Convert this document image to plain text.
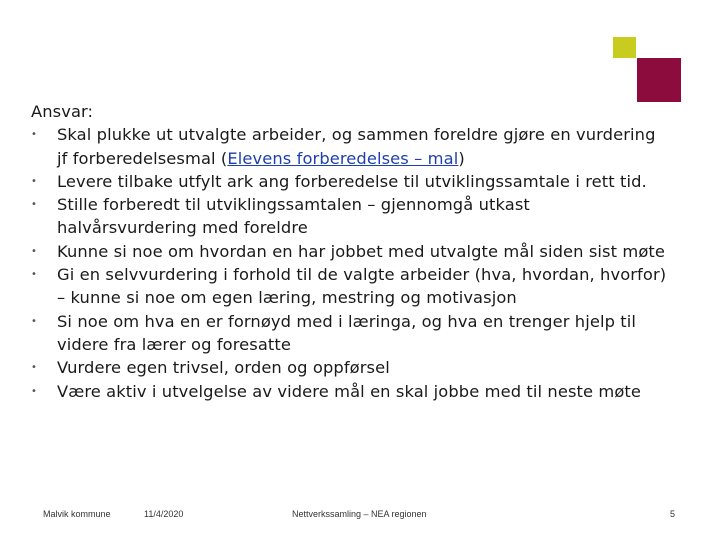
Ansvar:

• Skal plukke ut utvalgte arbeider, og sammen foreldre gjøre en vurdering jf forberedelsesmal (Elevens forberedelses – mal)
• Levere tilbake utfylt ark ang forberedelse til utviklingssamtale i rett tid.
• Stille forberedt til utviklingssamtalen – gjennomgå utkast halvårsvurdering med foreldre
• Kunne si noe om hvordan en har jobbet med utvalgte mål siden sist møte
• Gi en selvvurdering i forhold til de valgte arbeider (hva, hvordan, hvorfor) – kunne si noe om egen læring, mestring og motivasjon
• Si noe om hva en er fornøyd med i læringa, og hva en trenger hjelp til videre fra lærer og foresatte
• Vurdere egen trivsel, orden og oppførsel
• Være aktiv i utvelgelse av videre mål en skal jobbe med til neste møte
Malvik kommune	11/4/2020	Nettverkssamling – NEA regionen	5
